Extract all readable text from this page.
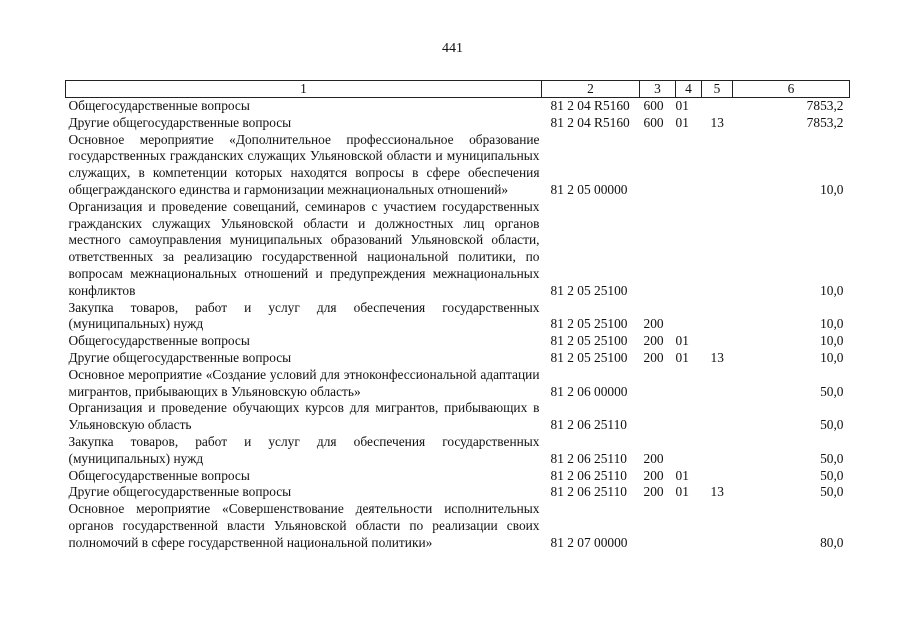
441
1	2	3	4	5	6
Общегосударственные вопросы	81 2 04 R5160	600	01		7853,2
Другие общегосударственные вопросы	81 2 04 R5160	600	01	13	7853,2
Основное мероприятие «Дополнительное профессиональное образование государственных гражданских служащих Ульяновской области и муниципальных служащих, в компетенции которых находятся вопросы в сфере обеспечения общегражданского единства и гармонизации межнациональных отношений»	81 2 05 00000				10,0
Организация и проведение совещаний, семинаров с участием государственных гражданских служащих Ульяновской области и должностных лиц органов местного самоуправления муниципальных образований Ульяновской области, ответственных за реализацию государственной национальной политики, по вопросам межнациональных отношений и предупреждения межнациональных конфликтов	81 2 05 25100				10,0
Закупка товаров, работ и услуг для обеспечения государственных (муниципальных) нужд	81 2 05 25100	200			10,0
Общегосударственные вопросы	81 2 05 25100	200	01		10,0
Другие общегосударственные вопросы	81 2 05 25100	200	01	13	10,0
Основное мероприятие «Создание условий для этноконфессиональной адаптации мигрантов, прибывающих в Ульяновскую область»	81 2 06 00000				50,0
Организация и проведение обучающих курсов для мигрантов, прибывающих в Ульяновскую область	81 2 06 25110				50,0
Закупка товаров, работ и услуг для обеспечения государственных (муниципальных) нужд	81 2 06 25110	200			50,0
Общегосударственные вопросы	81 2 06 25110	200	01		50,0
Другие общегосударственные вопросы	81 2 06 25110	200	01	13	50,0
Основное мероприятие «Совершенствование деятельности исполнительных органов государственной власти Ульяновской области по реализации своих полномочий в сфере государственной национальной политики»	81 2 07 00000				80,0
